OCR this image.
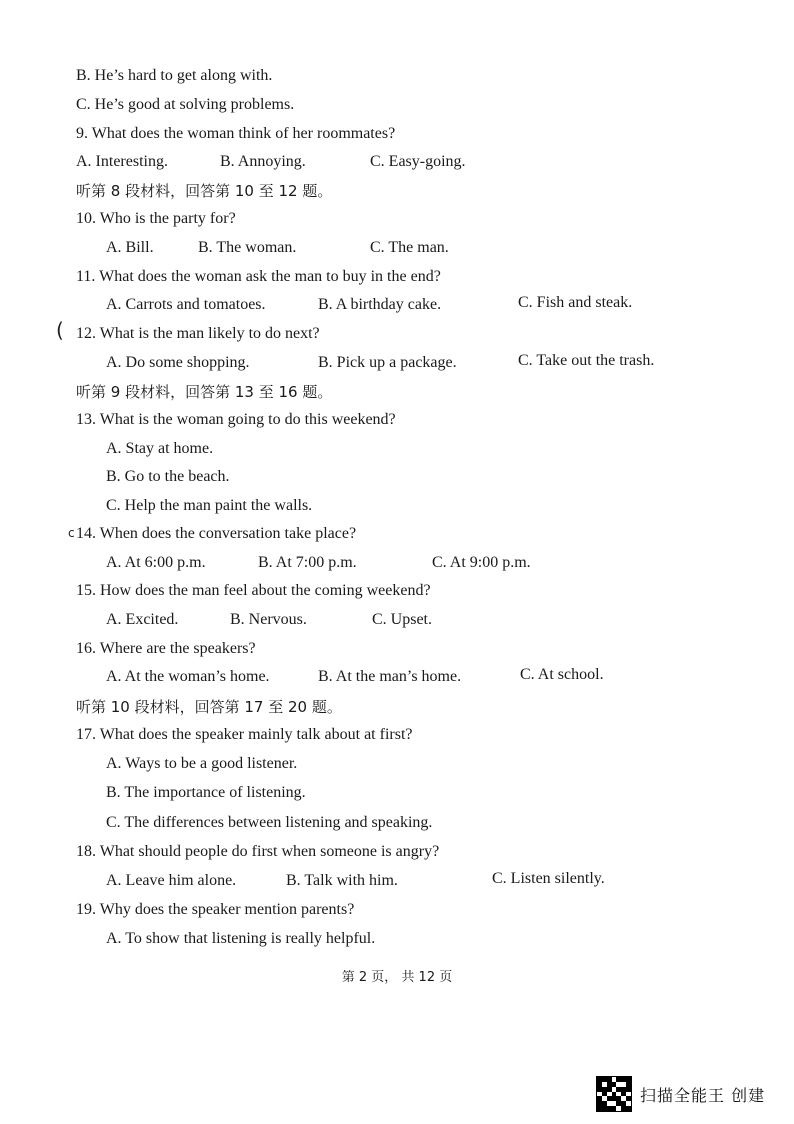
B. He’s hard to get along with.
C. He’s good at solving problems.
9. What does the woman think of her roommates?
A. Interesting.	B. Annoying.	C. Easy-going.
听第 8 段材料，回答第 10 至 12 题。
10. Who is the party for?
A. Bill.	B. The woman.	C. The man.
11. What does the woman ask the man to buy in the end?
A. Carrots and tomatoes.	B. A birthday cake.	C. Fish and steak.
( 12. What is the man likely to do next?
A. Do some shopping.	B. Pick up a package.	C. Take out the trash.
听第 9 段材料，回答第 13 至 16 题。
13. What is the woman going to do this weekend?
A. Stay at home.
B. Go to the beach.
C. Help the man paint the walls.
c 14. When does the conversation take place?
A. At 6:00 p.m.	B. At 7:00 p.m.	C. At 9:00 p.m.
15. How does the man feel about the coming weekend?
A. Excited.	B. Nervous.	C. Upset.
16. Where are the speakers?
A. At the woman’s home.	B. At the man’s home.	C. At school.
听第 10 段材料，回答第 17 至 20 题。
17. What does the speaker mainly talk about at first?
A. Ways to be a good listener.
B. The importance of listening.
C. The differences between listening and speaking.
18. What should people do first when someone is angry?
A. Leave him alone.	B. Talk with him.	C. Listen silently.
19. Why does the speaker mention parents?
A. To show that listening is really helpful.
第 2 页， 共 12 页
扫描全能王 创建
